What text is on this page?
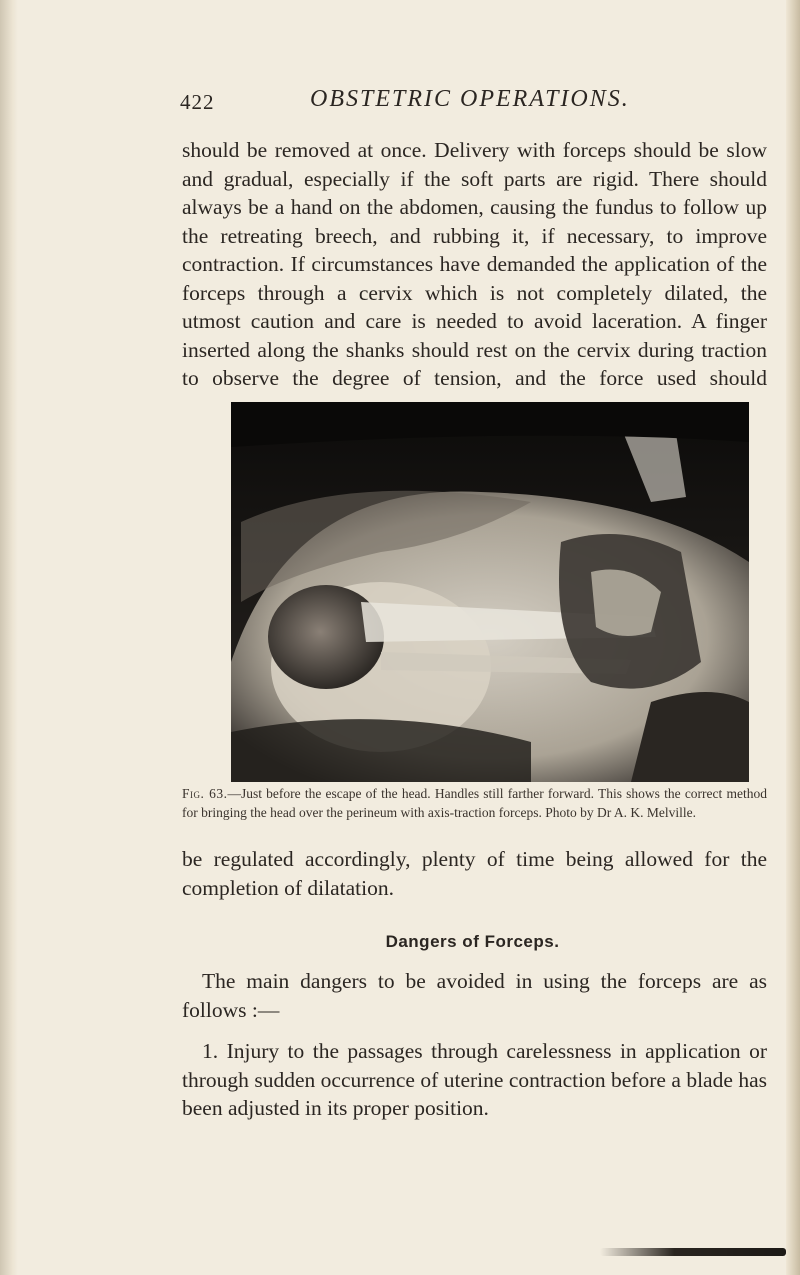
422	OBSTETRIC OPERATIONS.
should be removed at once. Delivery with forceps should be slow and gradual, especially if the soft parts are rigid. There should always be a hand on the abdomen, causing the fundus to follow up the retreating breech, and rubbing it, if necessary, to improve contraction. If circumstances have demanded the application of the forceps through a cervix which is not completely dilated, the utmost caution and care is needed to avoid laceration. A finger inserted along the shanks should rest on the cervix during traction to observe the degree of tension, and the force used should
Fig. 63.—Just before the escape of the head. Handles still farther forward. This shows the correct method for bringing the head over the perineum with axis-traction forceps. Photo by Dr A. K. Melville.
be regulated accordingly, plenty of time being allowed for the completion of dilatation.
Dangers of Forceps.
The main dangers to be avoided in using the forceps are as follows :—
1. Injury to the passages through carelessness in application or through sudden occurrence of uterine contraction before a blade has been adjusted in its proper position.
